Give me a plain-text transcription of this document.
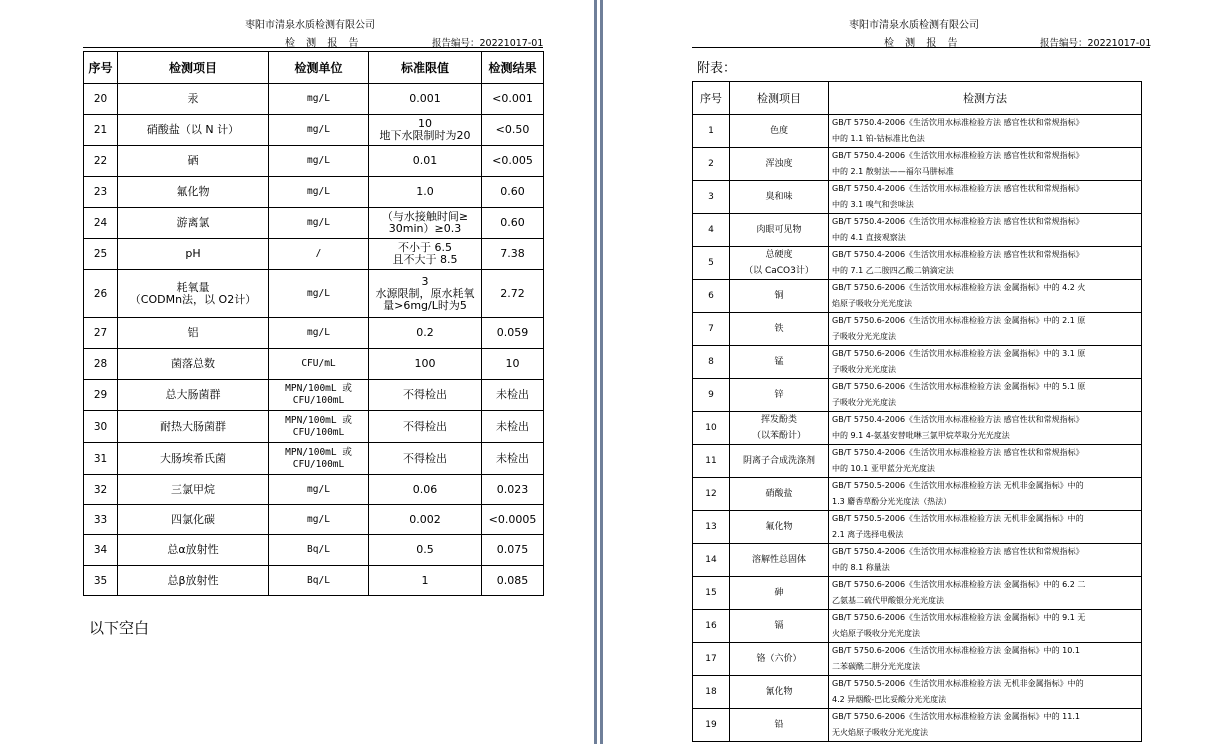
枣阳市清泉水质检测有限公司
检 测 报 告	报告编号：20221017-01
序号	检测项目	检测单位	标准限值	检测结果
20	汞	mg/L	0.001	<0.001
21	硝酸盐（以 N 计）	mg/L	10
地下水限制时为20	<0.50
22	硒	mg/L	0.01	<0.005
23	氟化物	mg/L	1.0	0.60
24	游离氯	mg/L	（与水接触时间≥
30min）≥0.3	0.60
25	pH	/	不小于 6.5
且不大于 8.5	7.38
26	耗氧量
（CODMn法，以 O2计）	mg/L	3
水源限制，原水耗氧
量>6mg/L时为5	2.72
27	铝	mg/L	0.2	0.059
28	菌落总数	CFU/mL	100	10
29	总大肠菌群	MPN/100mL 或
CFU/100mL	不得检出	未检出
30	耐热大肠菌群	MPN/100mL 或
CFU/100mL	不得检出	未检出
31	大肠埃希氏菌	MPN/100mL 或
CFU/100mL	不得检出	未检出
32	三氯甲烷	mg/L	0.06	0.023
33	四氯化碳	mg/L	0.002	<0.0005
34	总α放射性	Bq/L	0.5	0.075
35	总β放射性	Bq/L	1	0.085
以下空白
枣阳市清泉水质检测有限公司
检 测 报 告	报告编号：20221017-01
附表：
序号	检测项目	检测方法
1	色度	GB/T 5750.4-2006《生活饮用水标准检验方法 感官性状和常规指标》
中的 1.1 铂-钴标准比色法
2	浑浊度	GB/T 5750.4-2006《生活饮用水标准检验方法 感官性状和常规指标》
中的 2.1 散射法——福尔马肼标准
3	臭和味	GB/T 5750.4-2006《生活饮用水标准检验方法 感官性状和常规指标》
中的 3.1 嗅气和尝味法
4	肉眼可见物	GB/T 5750.4-2006《生活饮用水标准检验方法 感官性状和常规指标》
中的 4.1 直接观察法
5	总硬度
（以 CaCO3计）	GB/T 5750.4-2006《生活饮用水标准检验方法 感官性状和常规指标》
中的 7.1 乙二胺四乙酸二钠滴定法
6	铜	GB/T 5750.6-2006《生活饮用水标准检验方法 金属指标》中的 4.2 火
焰原子吸收分光光度法
7	铁	GB/T 5750.6-2006《生活饮用水标准检验方法 金属指标》中的 2.1 原
子吸收分光光度法
8	锰	GB/T 5750.6-2006《生活饮用水标准检验方法 金属指标》中的 3.1 原
子吸收分光光度法
9	锌	GB/T 5750.6-2006《生活饮用水标准检验方法 金属指标》中的 5.1 原
子吸收分光光度法
10	挥发酚类
（以苯酚计）	GB/T 5750.4-2006《生活饮用水标准检验方法 感官性状和常规指标》
中的 9.1 4-氨基安替吡啉三氯甲烷萃取分光光度法
11	阴离子合成洗涤剂	GB/T 5750.4-2006《生活饮用水标准检验方法 感官性状和常规指标》
中的 10.1 亚甲蓝分光光度法
12	硝酸盐	GB/T 5750.5-2006《生活饮用水标准检验方法 无机非金属指标》中的
1.3 麝香草酚分光光度法（热法）
13	氟化物	GB/T 5750.5-2006《生活饮用水标准检验方法 无机非金属指标》中的
2.1 离子选择电极法
14	溶解性总固体	GB/T 5750.4-2006《生活饮用水标准检验方法 感官性状和常规指标》
中的 8.1 称量法
15	砷	GB/T 5750.6-2006《生活饮用水标准检验方法 金属指标》中的 6.2 二
乙氨基二硫代甲酸银分光光度法
16	镉	GB/T 5750.6-2006《生活饮用水标准检验方法 金属指标》中的 9.1 无
火焰原子吸收分光光度法
17	铬（六价）	GB/T 5750.6-2006《生活饮用水标准检验方法 金属指标》中的 10.1
二苯碳酰二肼分光光度法
18	氰化物	GB/T 5750.5-2006《生活饮用水标准检验方法 无机非金属指标》中的
4.2 异烟酸-巴比妥酸分光光度法
19	铅	GB/T 5750.6-2006《生活饮用水标准检验方法 金属指标》中的 11.1
无火焰原子吸收分光光度法
